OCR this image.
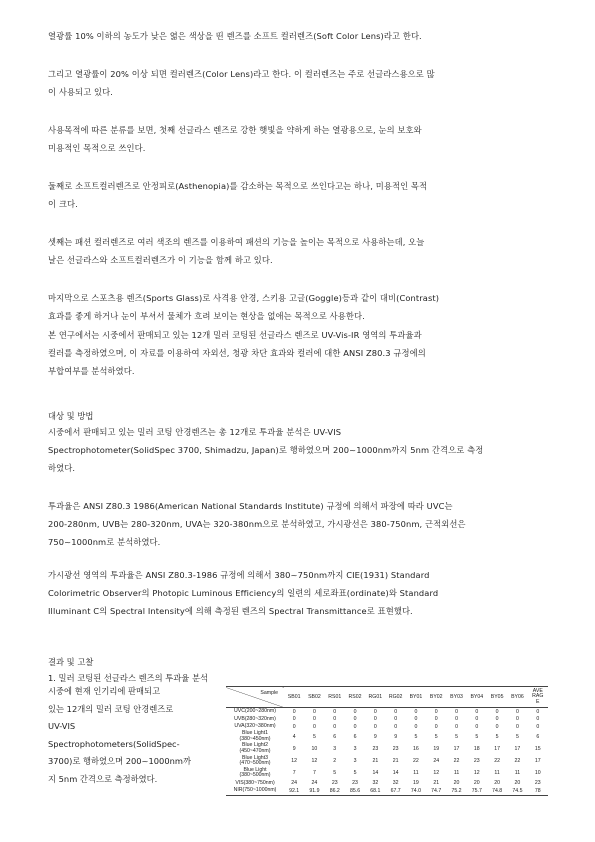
열광률 10% 이하의 농도가 낮은 엷은 색상을 띤 렌즈를 소프트 컬러렌즈(Soft Color Lens)라고 한다.
그리고 열광률이 20% 이상 되면 컬러렌즈(Color Lens)라고 한다. 이 컬러렌즈는 주로 선글라스용으로 많
이 사용되고 있다.
사용목적에 따른 분류를 보면, 첫째 선글라스 렌즈로 강한 햇빛을 약하게 하는 열광용으로, 눈의 보호와
미용적인 목적으로 쓰인다.
둘째로 소프트컬러렌즈로 안정피로(Asthenopia)를 감소하는 목적으로 쓰인다고는 하나, 미용적인 목적
이 크다.
셋째는 패션 컬러렌즈로 여러 색조의 렌즈를 이용하여 패션의 기능을 높이는 목적으로 사용하는데, 오늘
날은 선글라스와 소프트컬러렌즈가 이 기능을 함께 하고 있다.
마지막으로 스포츠용 렌즈(Sports Glass)로 사격용 안경, 스키용 고글(Goggle)등과 같이 대비(Contrast)
효과를 좋게 하거나 눈이 부셔서 물체가 흐려 보이는 현상을 없애는 목적으로 사용한다.
본 연구에서는 시중에서 판매되고 있는 12개 밀러 코팅된 선글라스 렌즈로 UV-Vis-IR 영역의 투과율과
컬러를 측정하였으며, 이 자료를 이용하여 자외선, 청광 차단 효과와 컬러에 대한 ANSI Z80.3 규정에의
부합여부를 분석하였다.
대상 및 방법
시중에서 판매되고 있는 밀러 코팅 안경렌즈는 총 12개로 투과율 분석은 UV-VIS
Spectrophotometer(SolidSpec 3700, Shimadzu, Japan)로 행하였으며 200~1000nm까지 5nm 간격으로 측정
하였다.
투과율은 ANSI Z80.3 1986(American National Standards Institute) 규정에 의해서 파장에 따라 UVC는
200-280nm, UVB는 280-320nm, UVA는 320-380nm으로 분석하였고, 가시광선은 380-750nm, 근적외선은
750~1000nm로 분석하였다.
가시광선 영역의 투과율은 ANSI Z80.3-1986 규정에 의해서 380~750nm까지 CIE(1931) Standard
Colorimetric Observer의 Photopic Luminous Efficiency의 일련의 세로좌표(ordinate)와 Standard
Illuminant C의 Spectral Intensity에 의해 측정된 렌즈의 Spectral Transmittance로 표현했다.
결과 및 고찰
1. 밀러 코팅된 선글라스 렌즈의 투과율 분석
시중에 현재 인기리에 판매되고
있는 12개의 밀러 코팅 안경렌즈로
UV-VIS
Spectrophotometers(SolidSpec-
3700)로 행하였으며 200~1000nm까
지 5nm 간격으로 측정하였다.
Sample	SB01	SB02	RS01	RS02	RG01	RG02	BY01	BY02	BY03	BY04	BY05	BY06	AVE
RAG
E
UVC(200~280nm)	0	0	0	0	0	0	0	0	0	0	0	0	0
UVB(280~320nm)	0	0	0	0	0	0	0	0	0	0	0	0	0
UVA(320~380nm)	0	0	0	0	0	0	0	0	0	0	0	0	0
Blue Light1
(380~450nm)	4	5	6	6	9	9	5	5	5	5	5	5	6
Blue Light2
(450~470nm)	9	10	3	3	23	23	16	19	17	18	17	17	15
Blue Light3
(470~500nm)	12	12	2	3	21	21	22	24	22	23	22	22	17
Blue Light
(380~500nm)	7	7	5	5	14	14	11	12	11	12	11	11	10
VIS(380~750nm)	24	24	23	23	32	32	19	21	20	20	20	20	23
NIR(750~1000nm)	92.1	91.9	86.2	85.6	68.1	67.7	74.0	74.7	75.2	75.7	74.8	74.5	78
